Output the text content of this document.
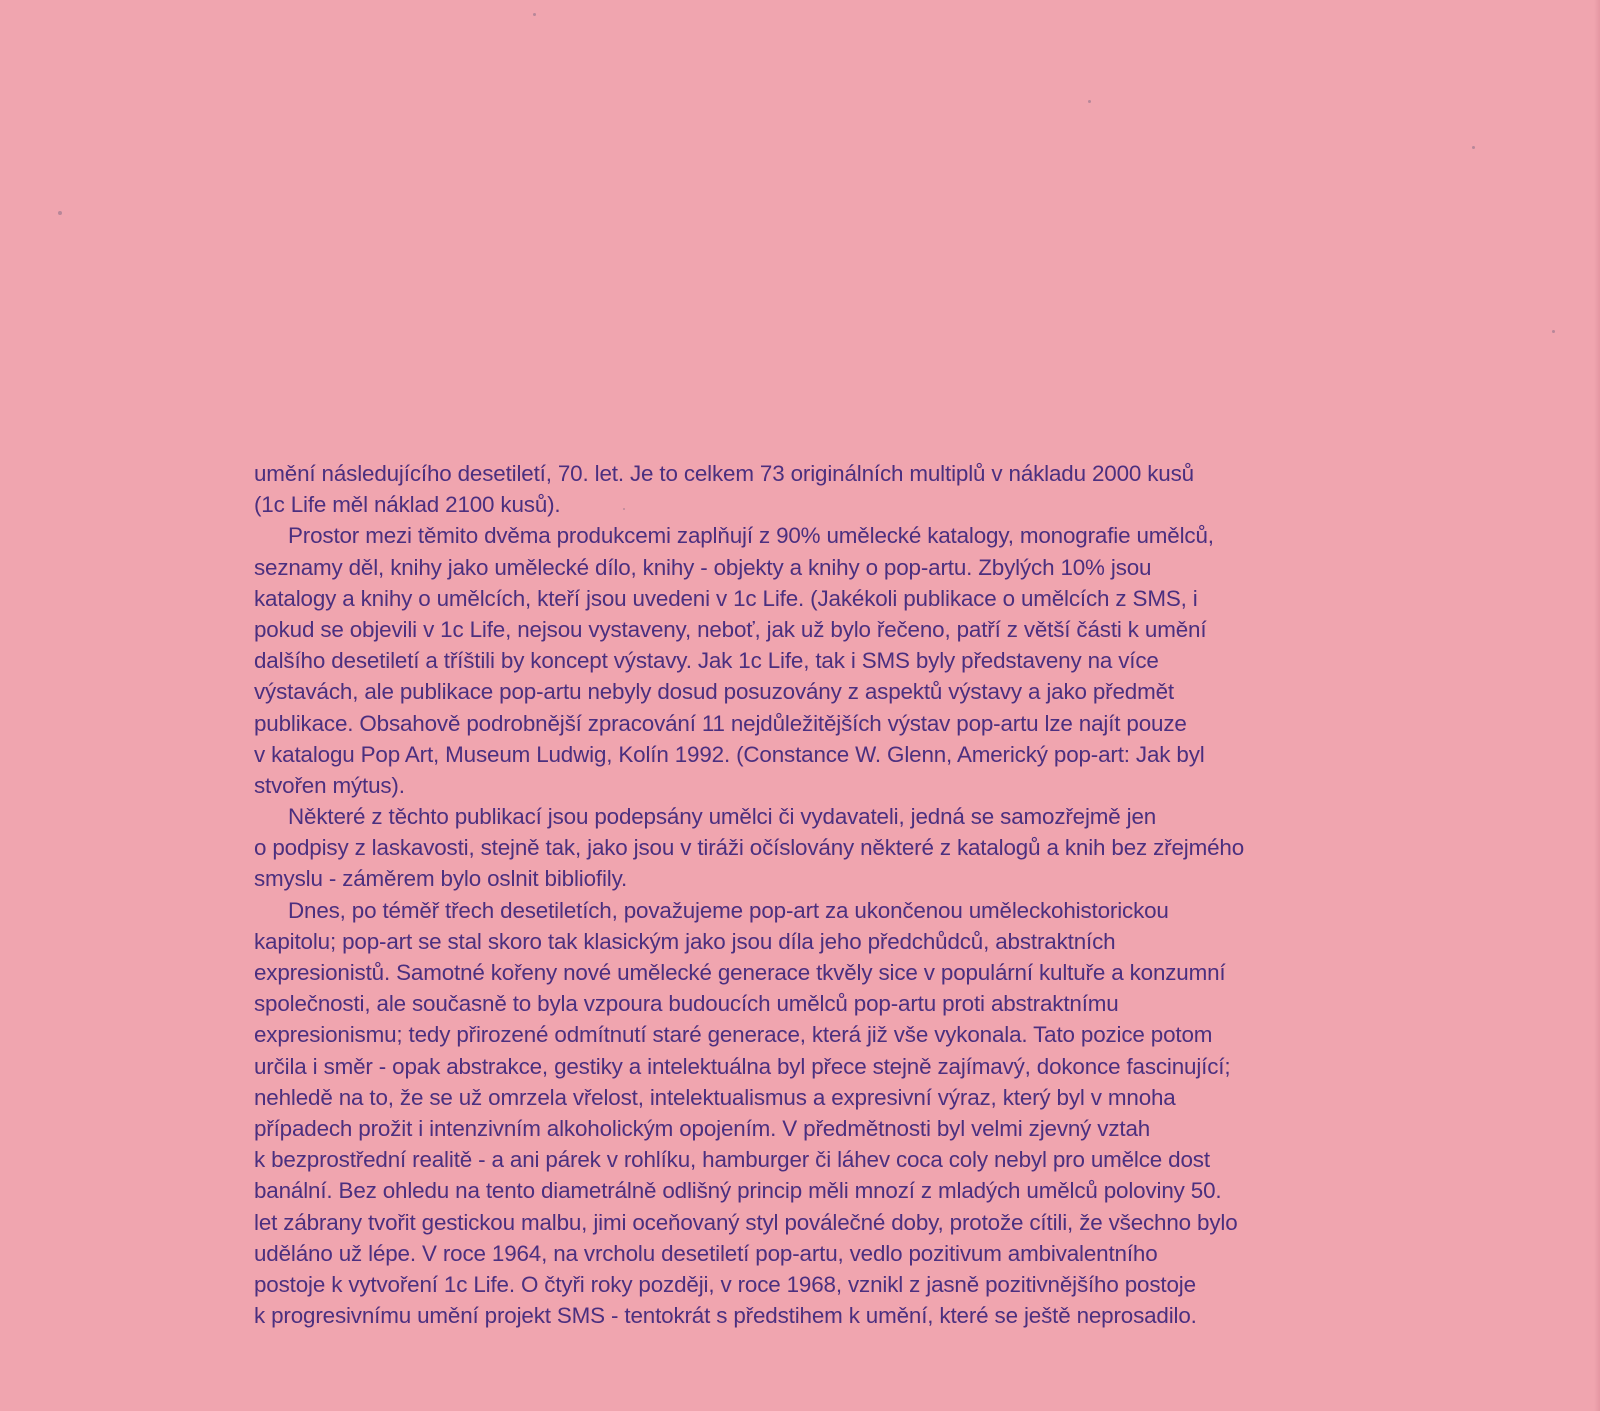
umění následujícího desetiletí, 70. let. Je to celkem 73 originálních multiplů v nákladu 2000 kusů
(1c Life měl náklad 2100 kusů).
Prostor mezi těmito dvěma produkcemi zaplňují z 90% umělecké katalogy, monografie umělců,
seznamy děl, knihy jako umělecké dílo, knihy - objekty a knihy o pop-artu. Zbylých 10% jsou
katalogy a knihy o umělcích, kteří jsou uvedeni v 1c Life. (Jakékoli publikace o umělcích z SMS, i
pokud se objevili v 1c Life, nejsou vystaveny, neboť, jak už bylo řečeno, patří z větší části k umění
dalšího desetiletí a tříštili by koncept výstavy. Jak 1c Life, tak i SMS byly představeny na více
výstavách, ale publikace pop-artu nebyly dosud posuzovány z aspektů výstavy a jako předmět
publikace. Obsahově podrobnější zpracování 11 nejdůležitějších výstav pop-artu lze najít pouze
v katalogu Pop Art, Museum Ludwig, Kolín 1992. (Constance W. Glenn, Americký pop-art: Jak byl
stvořen mýtus).
Některé z těchto publikací jsou podepsány umělci či vydavateli, jedná se samozřejmě jen
o podpisy z laskavosti, stejně tak, jako jsou v tiráži očíslovány některé z katalogů a knih bez zřejmého
smyslu - záměrem bylo oslnit bibliofily.
Dnes, po téměř třech desetiletích, považujeme pop-art za ukončenou uměleckohistorickou
kapitolu; pop-art se stal skoro tak klasickým jako jsou díla jeho předchůdců, abstraktních
expresionistů. Samotné kořeny nové umělecké generace tkvěly sice v populární kultuře a konzumní
společnosti, ale současně to byla vzpoura budoucích umělců pop-artu proti abstraktnímu
expresionismu; tedy přirozené odmítnutí staré generace, která již vše vykonala. Tato pozice potom
určila i směr - opak abstrakce, gestiky a intelektuálna byl přece stejně zajímavý, dokonce fascinující;
nehledě na to, že se už omrzela vřelost, intelektualismus a expresivní výraz, který byl v mnoha
případech prožit i intenzivním alkoholickým opojením. V předmětnosti byl velmi zjevný vztah
k bezprostřední realitě - a ani párek v rohlíku, hamburger či láhev coca coly nebyl pro umělce dost
banální. Bez ohledu na tento diametrálně odlišný princip měli mnozí z mladých umělců poloviny 50.
let zábrany tvořit gestickou malbu, jimi oceňovaný styl poválečné doby, protože cítili, že všechno bylo
uděláno už lépe. V roce 1964, na vrcholu desetiletí pop-artu, vedlo pozitivum ambivalentního
postoje k vytvoření 1c Life. O čtyři roky později, v roce 1968, vznikl z jasně pozitivnějšího postoje
k progresivnímu umění projekt SMS - tentokrát s předstihem k umění, které se ještě neprosadilo.
